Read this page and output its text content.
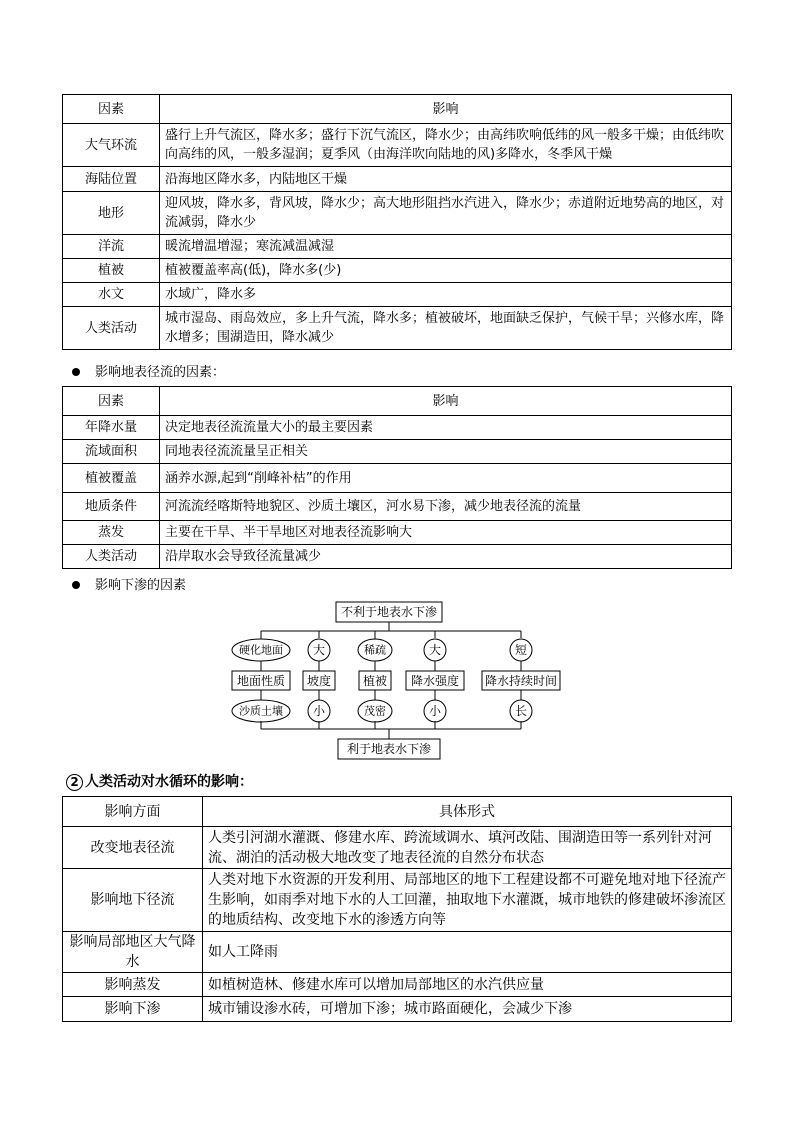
因素	影响
大气环流	盛行上升气流区，降水多；盛行下沉气流区，降水少；由高纬吹响低纬的风一般多干燥；由低纬吹向高纬的风，一般多湿润；夏季风（由海洋吹向陆地的风)多降水，冬季风干燥
海陆位置	沿海地区降水多，内陆地区干燥
地形	迎风坡，降水多，背风坡，降水少；高大地形阻挡水汽进入，降水少；赤道附近地势高的地区，对流减弱，降水少
洋流	暖流增温增湿；寒流减温减湿
植被	植被覆盖率高(低)，降水多(少)
水文	水域广，降水多
人类活动	城市湿岛、雨岛效应，多上升气流，降水多；植被破坏，地面缺乏保护，气候干旱；兴修水库，降水增多；围湖造田，降水减少
影响地表径流的因素：
因素	影响
年降水量	决定地表径流流量大小的最主要因素
流域面积	同地表径流流量呈正相关
植被覆盖	涵养水源,起到“削峰补枯”的作用
地质条件	河流流经喀斯特地貌区、沙质土壤区，河水易下渗，减少地表径流的流量
蒸发	主要在干旱、半干旱地区对地表径流影响大
人类活动	沿岸取水会导致径流量减少
影响下渗的因素
不利于地表水下渗
利于地表水下渗
硬化地面 大	稀疏	大	短
地面性质 坡度	植被 降水强度 降水持续时间
沙质土壤 小	茂密	小	长
2 人类活动对水循环的影响：
影响方面	具体形式
改变地表径流	人类引河湖水灌溉、修建水库、跨流域调水、填河改陆、围湖造田等一系列针对河流、湖泊的活动极大地改变了地表径流的自然分布状态
影响地下径流	人类对地下水资源的开发利用、局部地区的地下工程建设都不可避免地对地下径流产生影响，如雨季对地下水的人工回灌，抽取地下水灌溉，城市地铁的修建破坏渗流区的地质结构、改变地下水的渗透方向等
影响局部地区大气降水	如人工降雨
影响蒸发	如植树造林、修建水库可以增加局部地区的水汽供应量
影响下渗	城市铺设渗水砖，可增加下渗；城市路面硬化，会减少下渗
